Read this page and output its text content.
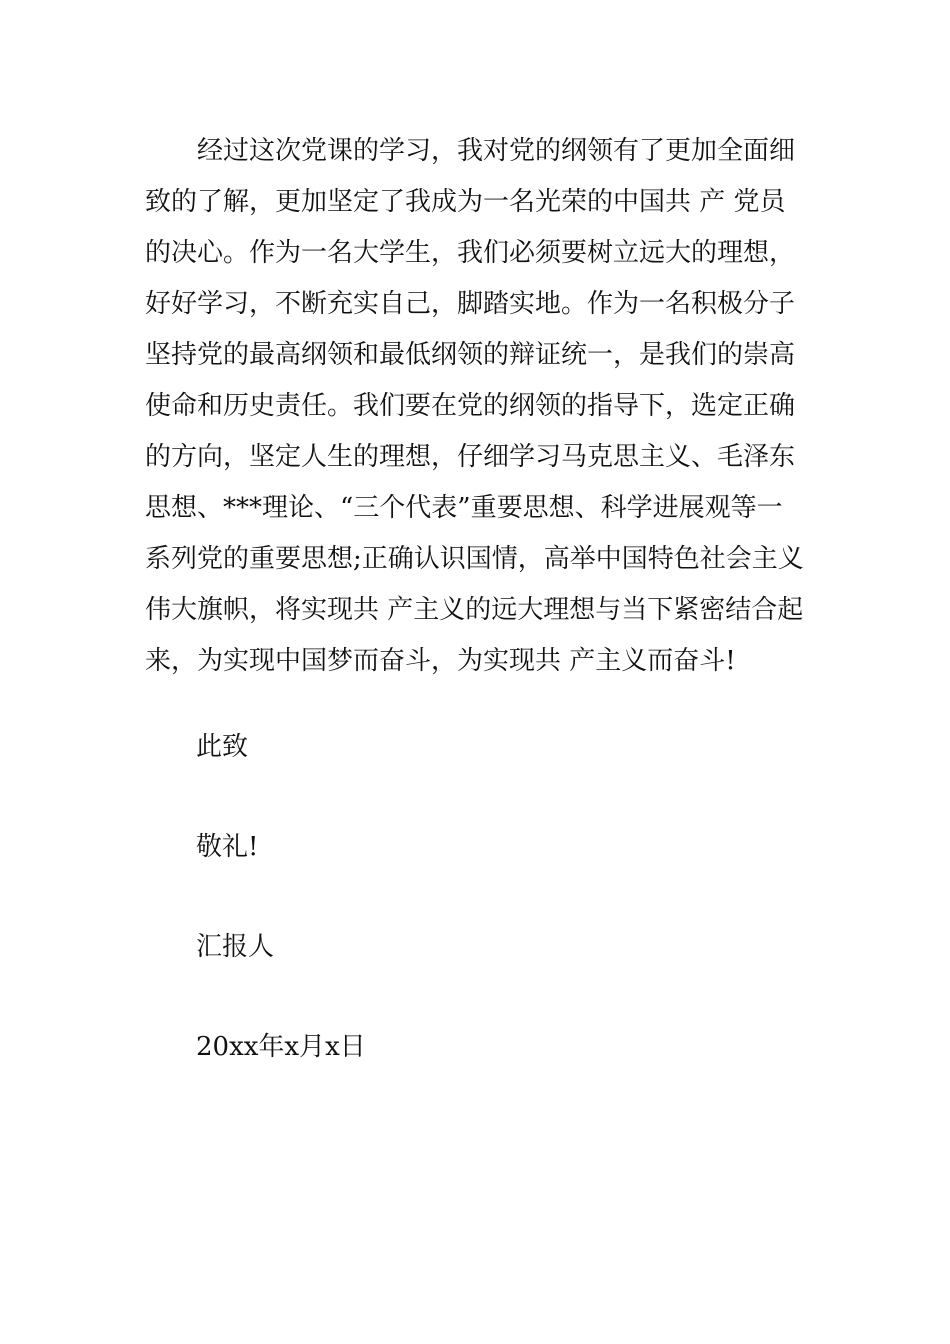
经过这次党课的学习，我对党的纲领有了更加全面细
致的了解，更加坚定了我成为一名光荣的中国共 产 党员
的决心。作为一名大学生，我们必须要树立远大的理想，
好好学习，不断充实自己，脚踏实地。作为一名积极分子
坚持党的最高纲领和最低纲领的辩证统一，是我们的崇高
使命和历史责任。我们要在党的纲领的指导下，选定正确
的方向，坚定人生的理想，仔细学习马克思主义、毛泽东
思想、***理论、“三个代表”重要思想、科学进展观等一
系列党的重要思想;正确认识国情，高举中国特色社会主义
伟大旗帜，将实现共 产主义的远大理想与当下紧密结合起
来，为实现中国梦而奋斗，为实现共 产主义而奋斗!
此致
敬礼!
汇报人
20xx年x月x日
